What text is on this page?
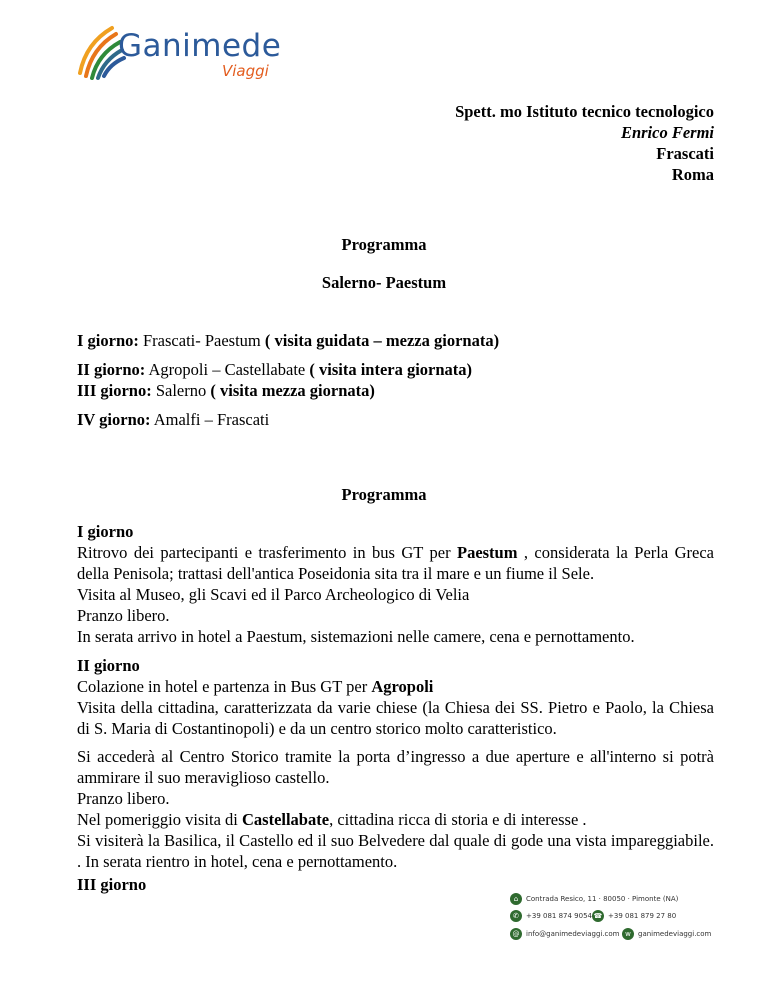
Ganimede
Viaggi
Spett. mo Istituto tecnico tecnologico
Enrico Fermi
Frascati
Roma
Programma
Salerno- Paestum
I giorno: Frascati- Paestum ( visita guidata – mezza giornata)
II giorno: Agropoli – Castellabate ( visita intera giornata)
III giorno: Salerno ( visita mezza giornata)
IV giorno: Amalfi – Frascati
Programma

I giorno

Ritrovo dei partecipanti e trasferimento in bus GT per Paestum , considerata la Perla Greca della Penisola; trattasi dell'antica Poseidonia sita tra il mare e un fiume il Sele.

Visita al Museo, gli Scavi ed il Parco Archeologico di Velia

Pranzo libero.

In serata arrivo in hotel a Paestum, sistemazioni nelle camere, cena e pernottamento.

II giorno

Colazione in hotel e partenza in Bus GT per Agropoli

Visita della cittadina, caratterizzata da varie chiese (la Chiesa dei SS. Pietro e Paolo, la Chiesa di S. Maria di Costantinopoli) e da un centro storico molto caratteristico.

Si accederà al Centro Storico tramite la porta d’ingresso a due aperture e all'interno si potrà ammirare il suo meraviglioso castello.

Pranzo libero.

Nel pomeriggio visita di Castellabate, cittadina ricca di storia e di interesse .

Si visiterà la Basilica, il Castello ed il suo Belvedere dal quale di gode una vista impareggiabile. . In serata rientro in hotel, cena e pernottamento.

III giorno
⌂	Contrada Resico, 11 · 80050 · Pimonte (NA)
✆	+39 081 874 9054 ☎ +39 081 879 27 80
@ info@ganimedeviaggi.com w	ganimedeviaggi.com
